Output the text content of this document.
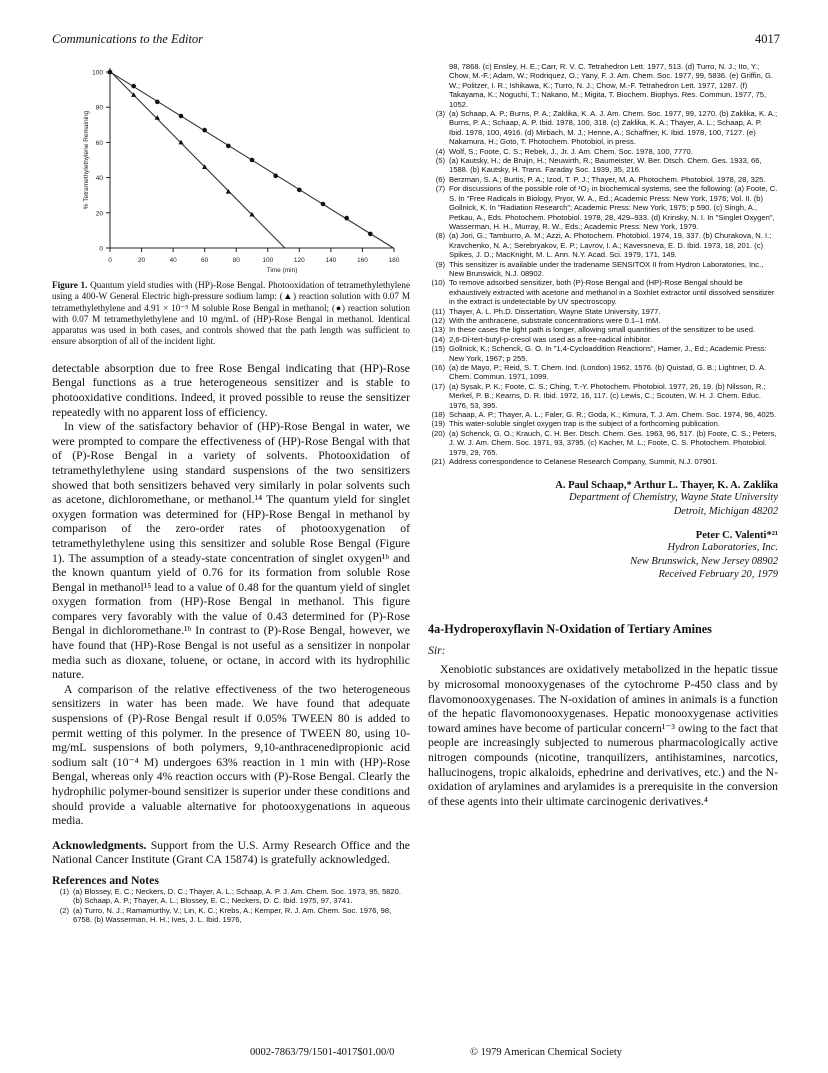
Communications to the Editor	4017
0	20	40	60	80	100	120	140	160	180
0
20
40
60
80
100
Time (min)
% Tetramethylethylene Remaining
Figure 1. Quantum yield studies with (HP)-Rose Bengal. Photooxidation of tetramethylethylene using a 400-W General Electric high-pressure sodium lamp: (▲) reaction solution with 0.07 M tetramethylethylene and 4.91 × 10⁻⁵ M soluble Rose Bengal in methanol; (●) reaction solution with 0.07 M tetramethylethylene and 10 mg/mL of (HP)-Rose Bengal in methanol. Identical apparatus was used in both cases, and controls showed that the path length was sufficient to ensure absorption of all of the incident light.

detectable absorption due to free Rose Bengal indicating that (HP)-Rose Bengal functions as a true heterogeneous sensitizer and is stable to photooxidative conditions. Indeed, it proved possible to reuse the sensitizer repeatedly with no apparent loss of efficiency.

In view of the satisfactory behavior of (HP)-Rose Bengal in water, we were prompted to compare the effectiveness of (HP)-Rose Bengal with that of (P)-Rose Bengal in a variety of solvents. Photooxidation of tetramethylethylene using standard suspensions of the two sensitizers showed that both sensitizers behaved very similarly in polar solvents such as acetone, dichloromethane, or methanol.¹⁴ The quantum yield for singlet oxygen formation was determined for (HP)-Rose Bengal in methanol by comparison of the zero-order rates of photooxygenation of tetramethylethylene using this sensitizer and soluble Rose Bengal (Figure 1). The assumption of a steady-state concentration of singlet oxygen¹ᵇ and the known quantum yield of 0.76 for its formation from soluble Rose Bengal in methanol¹⁵ lead to a value of 0.48 for the quantum yield of singlet oxygen formation from (HP)-Rose Bengal in methanol. This figure compares very favorably with the value of 0.43 determined for (P)-Rose Bengal in dichloromethane.¹ᵇ In contrast to (P)-Rose Bengal, however, we have found that (HP)-Rose Bengal is not useful as a sensitizer in nonpolar media such as dioxane, toluene, or octane, in accord with its hydrophilic nature.

A comparison of the relative effectiveness of the two heterogeneous sensitizers in water has been made. We have found that adequate suspensions of (P)-Rose Bengal result if 0.05% TWEEN 80 is added to permit wetting of this polymer. In the presence of TWEEN 80, using 10-mg/mL suspensions of both polymers, 9,10-anthracenedipropionic acid sodium salt (10⁻⁴ M) undergoes 63% reaction in 1 min with (HP)-Rose Bengal, whereas only 4% reaction occurs with (P)-Rose Bengal. Clearly the hydrophilic polymer-bound sensitizer is superior under these conditions and should provide a valuable alternative for photooxygenations in aqueous media.

Acknowledgments. Support from the U.S. Army Research Office and the National Cancer Institute (Grant CA 15874) is gratefully acknowledged.
References and Notes
(1) (a) Blossey, E. C.; Neckers, D. C.; Thayer, A. L.; Schaap, A. P. J. Am. Chem. Soc. 1973, 95, 5820. (b) Schaap, A. P.; Thayer, A. L.; Blossey, E. C.; Neckers, D. C. Ibid. 1975, 97, 3741.
(2) (a) Turro, N. J.; Ramamurthy, V.; Lin, K. C.; Krebs, A.; Kemper, R. J. Am. Chem. Soc. 1976, 98, 6758. (b) Wasserman, H. H.; Ives, J. L. Ibid. 1976,
98, 7868. (c) Ensley, H. E.; Carr, R. V. C. Tetrahedron Lett. 1977, 513. (d) Turro, N. J.; Ito, Y.; Chow, M.-F.; Adam, W.; Rodriquez, O.; Yany, F. J. Am. Chem. Soc. 1977, 99, 5836. (e) Griffin, G. W.; Politzer, I. R.; Ishikawa, K.; Turro, N. J.; Chow, M.-F. Tetrahedron Lett. 1977, 1287. (f) Takayama, K.; Noguchi, T.; Nakano, M.; Migita, T. Biochem. Biophys. Res. Commun. 1977, 75, 1052.
(3) (a) Schaap, A. P.; Burns, P. A.; Zaklika, K. A. J. Am. Chem. Soc. 1977, 99, 1270. (b) Zaklika, K. A.; Burns, P. A.; Schaap, A. P. Ibid. 1978, 100, 318. (c) Zaklika, K. A.; Thayer, A. L.; Schaap, A. P. Ibid. 1978, 100, 4916. (d) Mirbach, M. J.; Henne, A.; Schaffner, K. Ibid. 1978, 100, 7127. (e) Nakamura, H.; Goto, T. Photochem. Photobiol, in press.
(4) Wolf, S.; Foote, C. S.; Rebek, J., Jr. J. Am. Chem. Soc. 1978, 100, 7770.
(5) (a) Kautsky, H.; de Bruijn, H.; Neuwirth, R.; Baumeister, W. Ber. Dtsch. Chem. Ges. 1933, 66, 1588. (b) Kautsky, H. Trans. Faraday Soc. 1939, 35, 216.
(6) Berzman, S. A.; Burtis, P. A.; Izod, T. P. J.; Thayer, M. A. Photochem. Photobiol. 1978, 28, 325.
(7) For discussions of the possible role of ¹O₂ in biochemical systems, see the following: (a) Foote, C. S. In "Free Radicals in Biology, Pryor, W. A., Ed.; Academic Press: New York, 1976; Vol. II. (b) Gollnick, K. In "Radiation Research"; Academic Press: New York, 1975; p 590. (c) Singh, A., Petkau, A., Eds. Photochem. Photobiol. 1978, 28, 429–933. (d) Krinsky, N. I. In "Singlet Oxygen", Wasserman, H. H., Murray, R. W., Eds.; Academic Press: New York, 1979.
(8) (a) Jori, G.; Tamburro, A. M.; Azzi, A. Photochem. Photobiol. 1974, 19, 337. (b) Churakova, N. I.; Kravchenko, N. A.; Serebryakov, E. P.; Lavrov, I. A.; Kaversneva, E. D. Ibid. 1973, 18, 201. (c) Spikes, J. D.; MacKnight, M. L. Ann. N.Y. Acad. Sci. 1979, 171, 149.
(9) This sensitizer is available under the tradename SENSITOX II from Hydron Laboratories, Inc., New Brunswick, N.J. 08902.
(10) To remove adsorbed sensitizer, both (P)-Rose Bengal and (HP)-Rose Bengal should be exhaustively extracted with acetone and methanol in a Soxhlet extractor until dissolved sensitizer in the extract is undetectable by UV spectroscopy.
(11) Thayer, A. L. Ph.D. Dissertation, Wayne State University, 1977.
(12) With the anthracene, substrate concentrations were 0.1–1 mM.
(13) In these cases the light path is longer, allowing small quantities of the sensitizer to be used.
(14) 2,6-Di-tert-butyl-p-cresol was used as a free-radical inhibitor.
(15) Gollnick, K.; Schenck, G. O. In "1,4-Cycloaddition Reactions", Hamer, J., Ed.; Academic Press: New York, 1967; p 255.
(16) (a) de Mayo, P.; Reid, S. T. Chem. Ind. (London) 1962, 1576. (b) Quistad, G. B.; Lightner, D. A. Chem. Commun. 1971, 1099.
(17) (a) Sysak, P. K.; Foote, C. S.; Ching, T.-Y. Photochem. Photobiol. 1977, 26, 19. (b) Nilsson, R.; Merkel, P. B.; Kearns, D. R. Ibid. 1972, 16, 117. (c) Lewis, C.; Scouten, W. H. J. Chem. Educ. 1976, 53, 395.
(18) Schaap, A. P.; Thayer, A. L.; Faler, G. R.; Goda, K.; Kimura, T. J. Am. Chem. Soc. 1974, 96, 4025.
(19) This water-soluble singlet oxygen trap is the subject of a forthcoming publication.
(20) (a) Schenck, G. O.; Krauch, C. H. Ber. Dtsch. Chem. Ges. 1963, 96, 517. (b) Foote, C. S.; Peters, J. W. J. Am. Chem. Soc. 1971, 93, 3795. (c) Kacher, M. L.; Foote, C. S. Photochem. Photobiol. 1979, 29, 765.
(21) Address correspondence to Celanese Research Company, Summit, N.J. 07901.
A. Paul Schaap,* Arthur L. Thayer, K. A. Zaklika
Department of Chemistry, Wayne State University
Detroit, Michigan 48202
Peter C. Valenti*²¹
Hydron Laboratories, Inc.
New Brunswick, New Jersey 08902
Received February 20, 1979
4a-Hydroperoxyflavin N-Oxidation of Tertiary Amines
Sir:

Xenobiotic substances are oxidatively metabolized in the hepatic tissue by microsomal monooxygenases of the cytochrome P-450 class and by flavomonooxygenases. The N-oxidation of amines in animals is a function of the hepatic flavomonooxygenases. Hepatic monooxygenase activities toward amines have become of particular concern¹⁻³ owing to the fact that people are increasingly subjected to numerous pharmacologically active nitrogen compounds (nicotine, tranquilizers, antihistamines, narcotics, hallucinogens, tropic alkaloids, ephedrine and derivatives, etc.) and the N-oxidation of arylamines and arylamides is a prerequisite in the conversion of these agents into their ultimate carcinogenic derivatives.⁴

0002-7863/79/1501-4017$01.00/0	© 1979 American Chemical Society
